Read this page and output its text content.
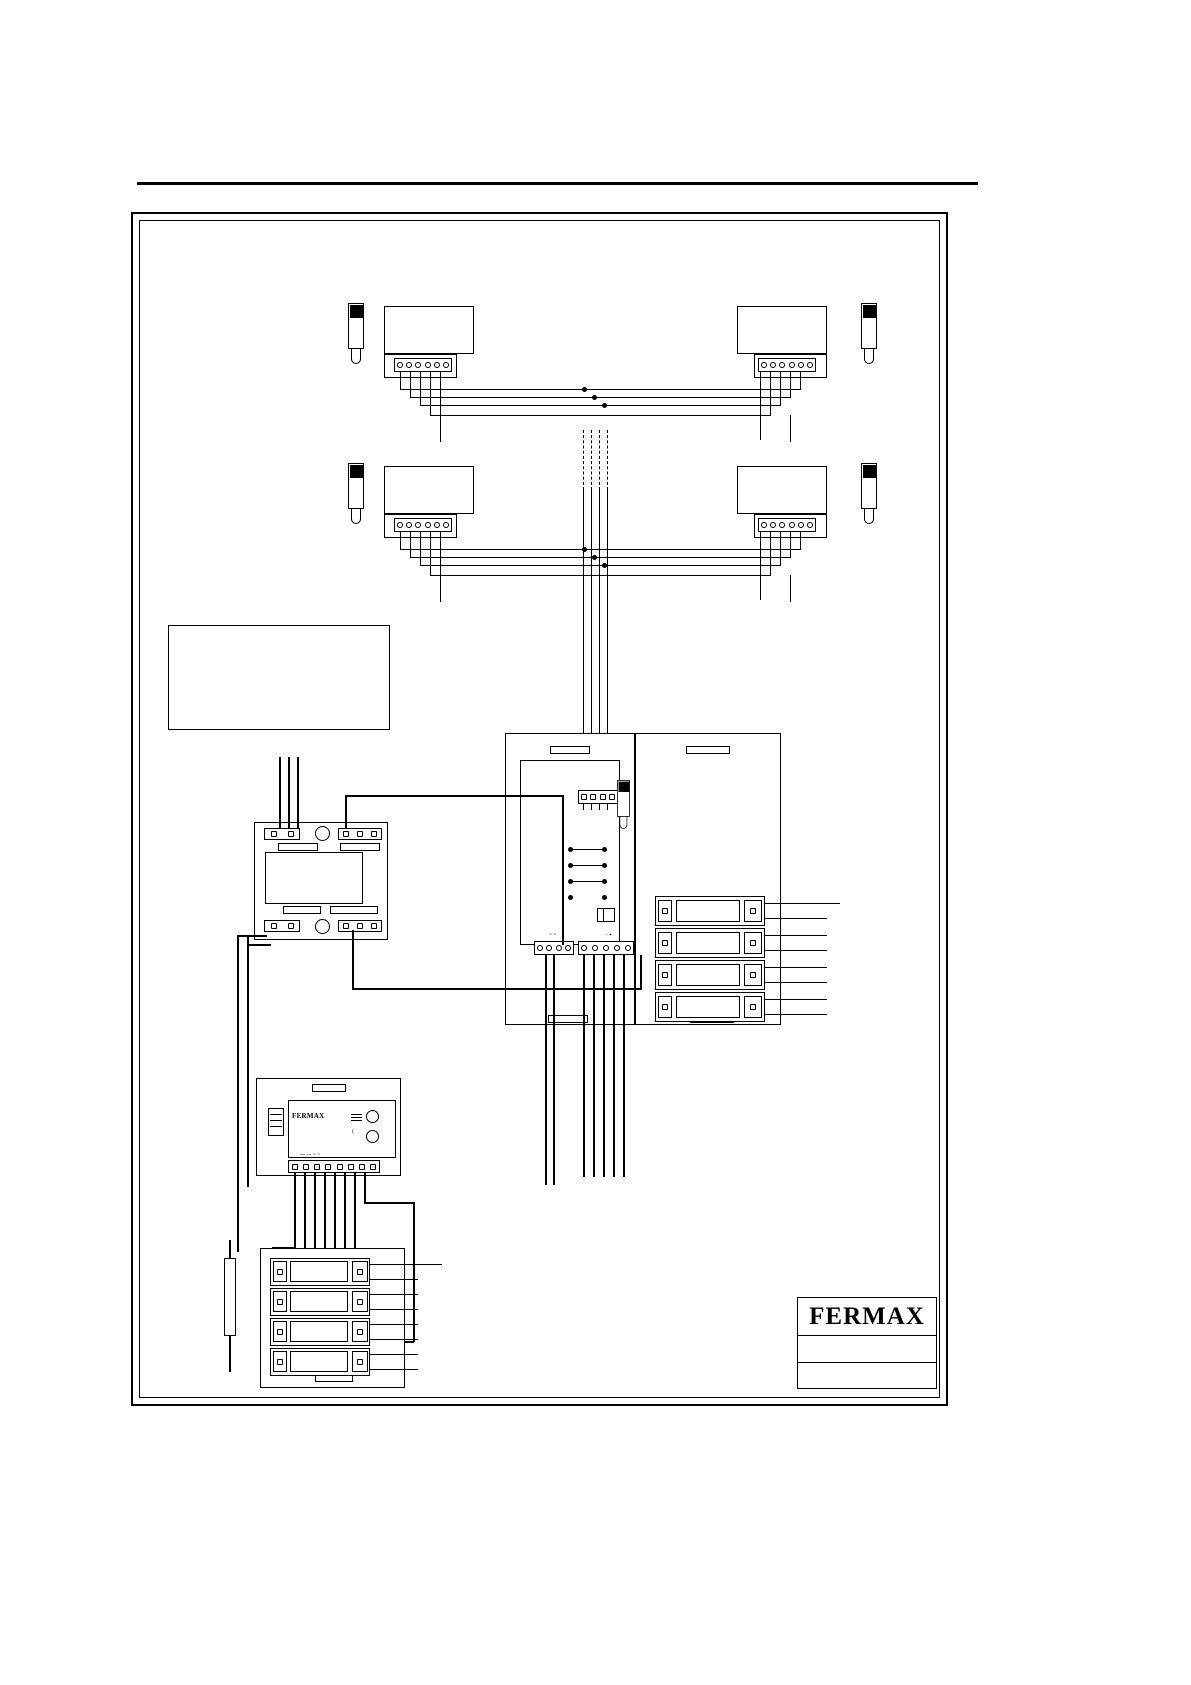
~ ~	- +
FERMAX
(
— — ~ ~
FERMAX
